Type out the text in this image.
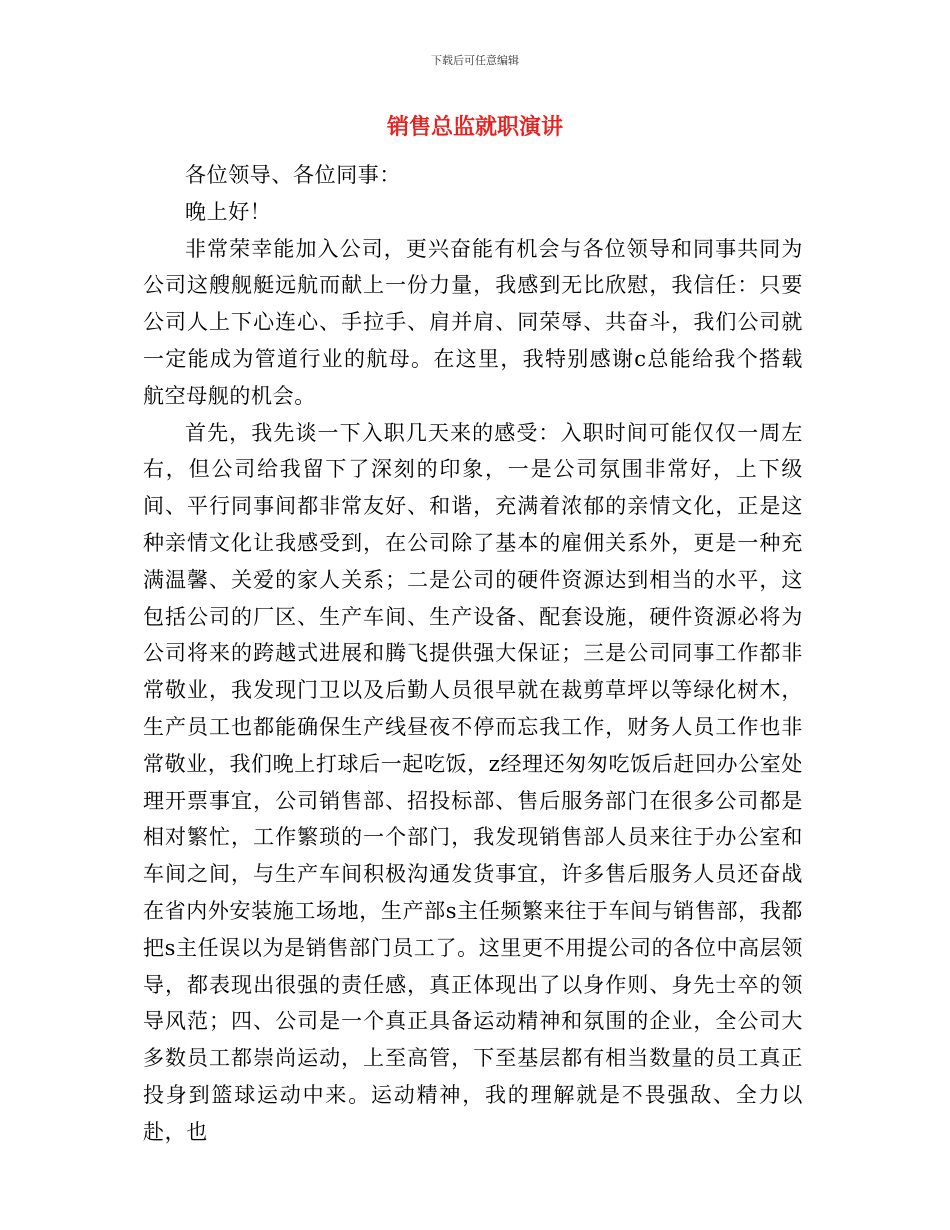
下载后可任意编辑
销售总监就职演讲

各位领导、各位同事：

晚上好！

非常荣幸能加入公司，更兴奋能有机会与各位领导和同事共同为公司这艘舰艇远航而献上一份力量，我感到无比欣慰，我信任：只要公司人上下心连心、手拉手、肩并肩、同荣辱、共奋斗，我们公司就一定能成为管道行业的航母。在这里，我特别感谢c总能给我个搭载航空母舰的机会。

首先，我先谈一下入职几天来的感受：入职时间可能仅仅一周左右，但公司给我留下了深刻的印象，一是公司氛围非常好，上下级间、平行同事间都非常友好、和谐，充满着浓郁的亲情文化，正是这种亲情文化让我感受到，在公司除了基本的雇佣关系外，更是一种充满温馨、关爱的家人关系；二是公司的硬件资源达到相当的水平，这包括公司的厂区、生产车间、生产设备、配套设施，硬件资源必将为公司将来的跨越式进展和腾飞提供强大保证；三是公司同事工作都非常敬业，我发现门卫以及后勤人员很早就在裁剪草坪以等绿化树木，生产员工也都能确保生产线昼夜不停而忘我工作，财务人员工作也非常敬业，我们晚上打球后一起吃饭，z经理还匆匆吃饭后赶回办公室处理开票事宜，公司销售部、招投标部、售后服务部门在很多公司都是相对繁忙，工作繁琐的一个部门，我发现销售部人员来往于办公室和车间之间，与生产车间积极沟通发货事宜，许多售后服务人员还奋战在省内外安装施工场地，生产部s主任频繁来往于车间与销售部，我都把s主任误以为是销售部门员工了。这里更不用提公司的各位中高层领导，都表现出很强的责任感，真正体现出了以身作则、身先士卒的领导风范；四、公司是一个真正具备运动精神和氛围的企业，全公司大多数员工都崇尚运动，上至高管，下至基层都有相当数量的员工真正投身到篮球运动中来。运动精神，我的理解就是不畏强敌、全力以赴，也
